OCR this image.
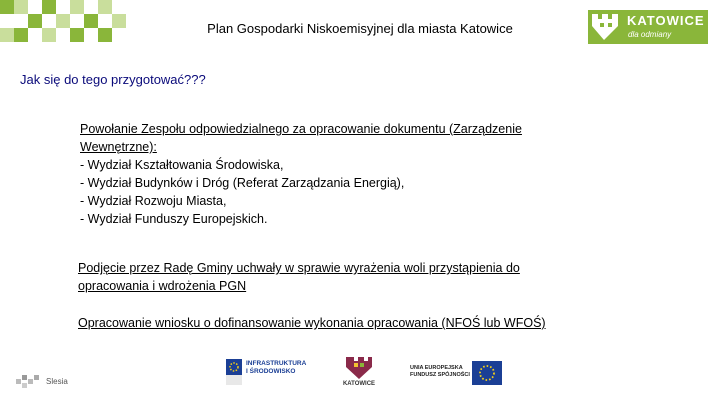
Plan Gospodarki Niskoemisyjnej dla miasta Katowice
KATOWICE
dla odmiany
Jak się do tego przygotować???
Powołanie Zespołu odpowiedzialnego za opracowanie dokumentu (Zarządzenie
Wewnętrzne):
- Wydział Kształtowania Środowiska,
- Wydział Budynków i Dróg (Referat Zarządzania Energią),
- Wydział Rozwoju Miasta,
- Wydział Funduszy Europejskich.
Podjęcie przez Radę Gminy uchwały w sprawie wyrażenia woli przystąpienia do
opracowania i wdrożenia PGN
Opracowanie wniosku o dofinansowanie wykonania opracowania (NFOŚ lub WFOŚ)
Slesia
INFRASTRUKTURA
I ŚRODOWISKO
KATOWICE
UNIA EUROPEJSKA
FUNDUSZ SPÓJNOŚCI
